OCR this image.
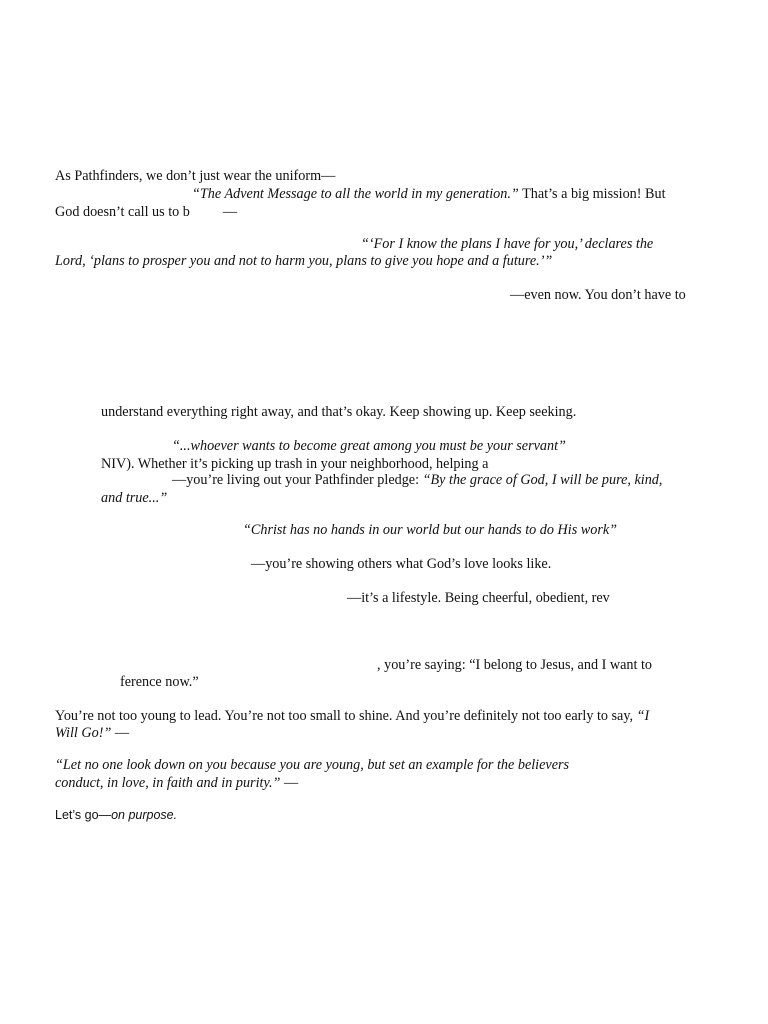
As Pathfinders, we don’t just wear the uniform—
“The Advent Message to all the world in my generation.” That’s a big mission! But
God doesn’t call us to b —
“‘For I know the plans I have for you,’ declares the
Lord, ‘plans to prosper you and not to harm you, plans to give you hope and a future.’”
—even now. You don’t have to
understand everything right away, and that’s okay. Keep showing up. Keep seeking.
“...whoever wants to become great among you must be your servant”
NIV). Whether it’s picking up trash in your neighborhood, helping a
—you’re living out your Pathfinder pledge: “By the grace of God, I will be pure, kind,
and true...”
“Christ has no hands in our world but our hands to do His work”
—you’re showing others what God’s love looks like.
—it’s a lifestyle. Being cheerful, obedient, rev
, you’re saying: “I belong to Jesus, and I want to
ference now.”
You’re not too young to lead. You’re not too small to shine. And you’re definitely not too early to say, “I
Will Go!” —
“Let no one look down on you because you are young, but set an example for the believers
conduct, in love, in faith and in purity.” —
Let’s go—on purpose.
